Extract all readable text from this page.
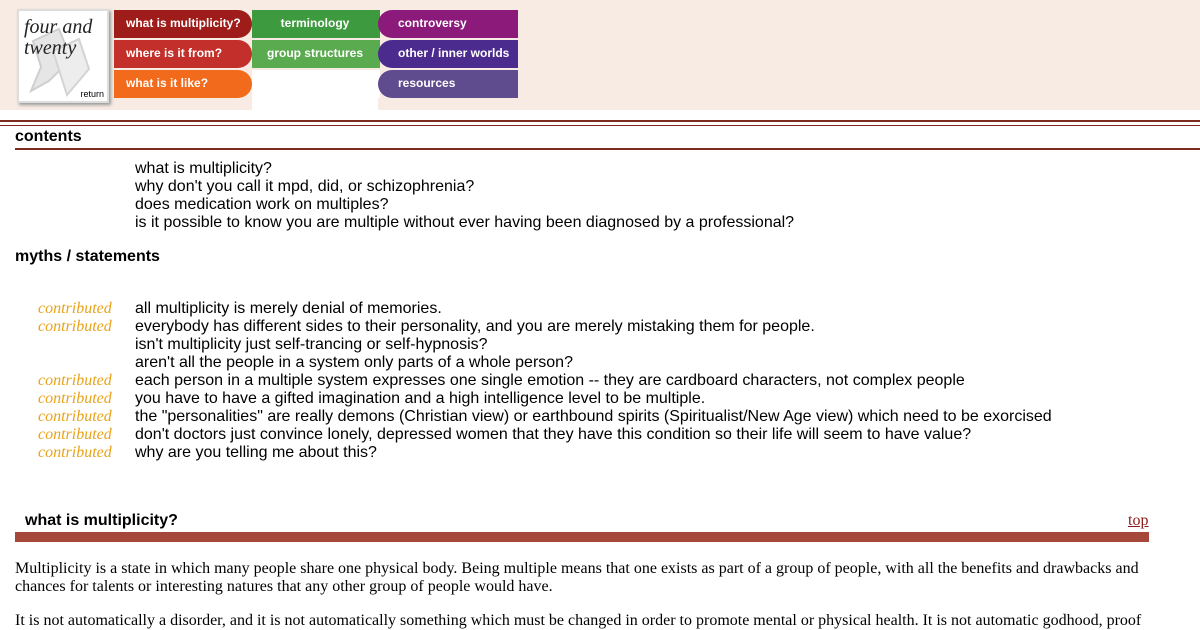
four and
twenty
return
what is multiplicity?
where is it from?
what is it like?
terminology
group structures
controversy
other / inner worlds
resources
contents
what is multiplicity?
why don't you call it mpd, did, or schizophrenia?
does medication work on multiples?
is it possible to know you are multiple without ever having been diagnosed by a professional?
myths / statements
contributed
contributed
contributed
contributed
contributed
contributed
contributed
all multiplicity is merely denial of memories.
everybody has different sides to their personality, and you are merely mistaking them for people.
isn't multiplicity just self-trancing or self-hypnosis?
aren't all the people in a system only parts of a whole person?
each person in a multiple system expresses one single emotion -- they are cardboard characters, not complex people
you have to have a gifted imagination and a high intelligence level to be multiple.
the "personalities" are really demons (Christian view) or earthbound spirits (Spiritualist/New Age view) which need to be exorcised
don't doctors just convince lonely, depressed women that they have this condition so their life will seem to have value?
why are you telling me about this?
what is multiplicity?	top
Multiplicity is a state in which many people share one physical body. Being multiple means that one exists as part of a group of people, with all the benefits and drawbacks and chances for talents or interesting natures that any other group of people would have.
It is not automatically a disorder, and it is not automatically something which must be changed in order to promote mental or physical health. It is not automatic godhood, proof
